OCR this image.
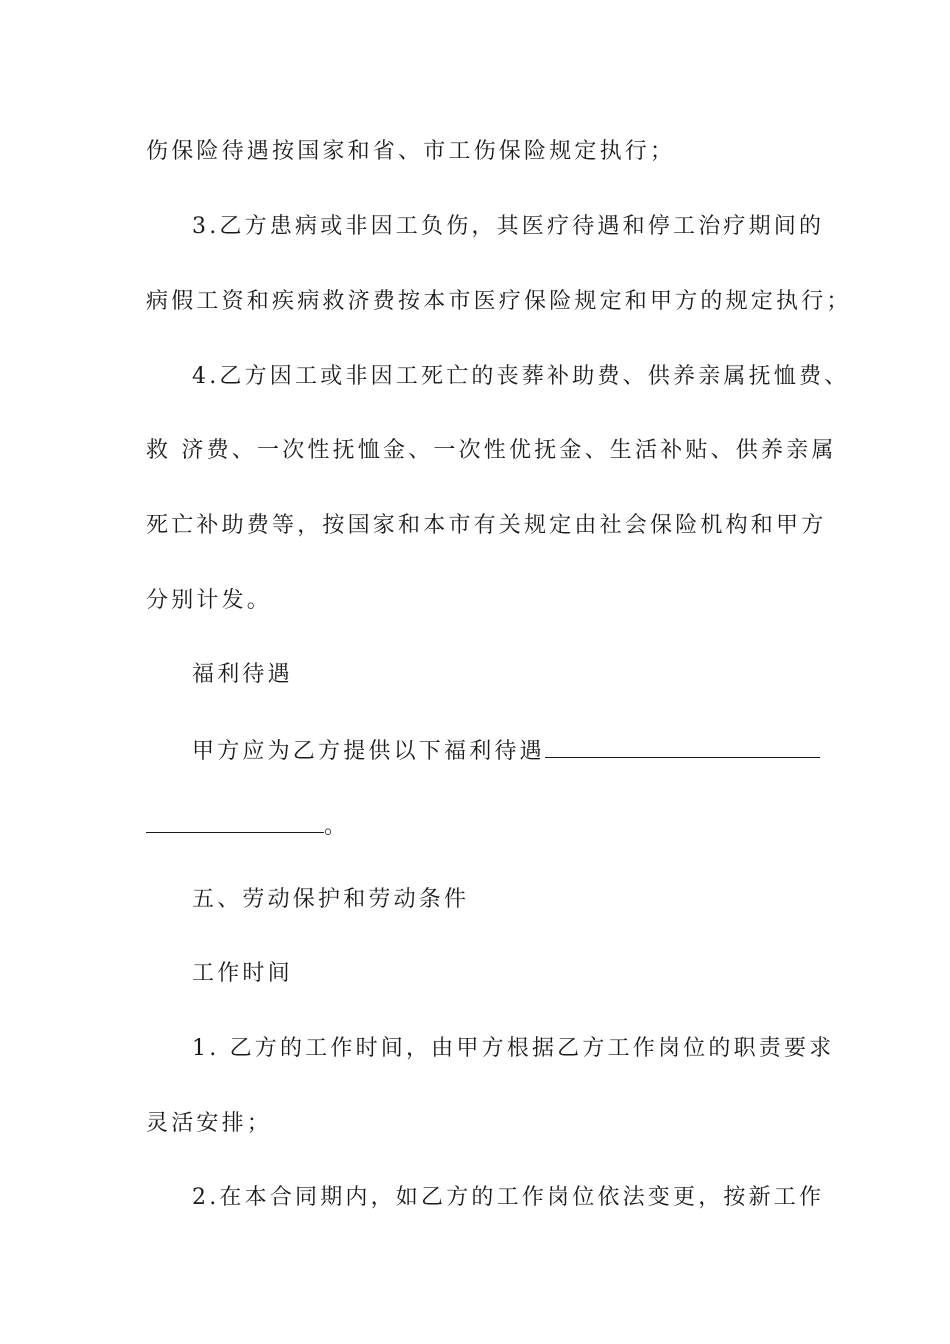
伤保险待遇按国家和省、市工伤保险规定执行；
3.乙方患病或非因工负伤，其医疗待遇和停工治疗期间的
病假工资和疾病救济费按本市医疗保险规定和甲方的规定执行；
4.乙方因工或非因工死亡的丧葬补助费、供养亲属抚恤费、
救 济费、一次性抚恤金、一次性优抚金、生活补贴、供养亲属
死亡补助费等，按国家和本市有关规定由社会保险机构和甲方
分别计发。
福利待遇
甲方应为乙方提供以下福利待遇
。
五、劳动保护和劳动条件
工作时间
1. 乙方的工作时间，由甲方根据乙方工作岗位的职责要求
灵活安排；
2.在本合同期内，如乙方的工作岗位依法变更，按新工作
